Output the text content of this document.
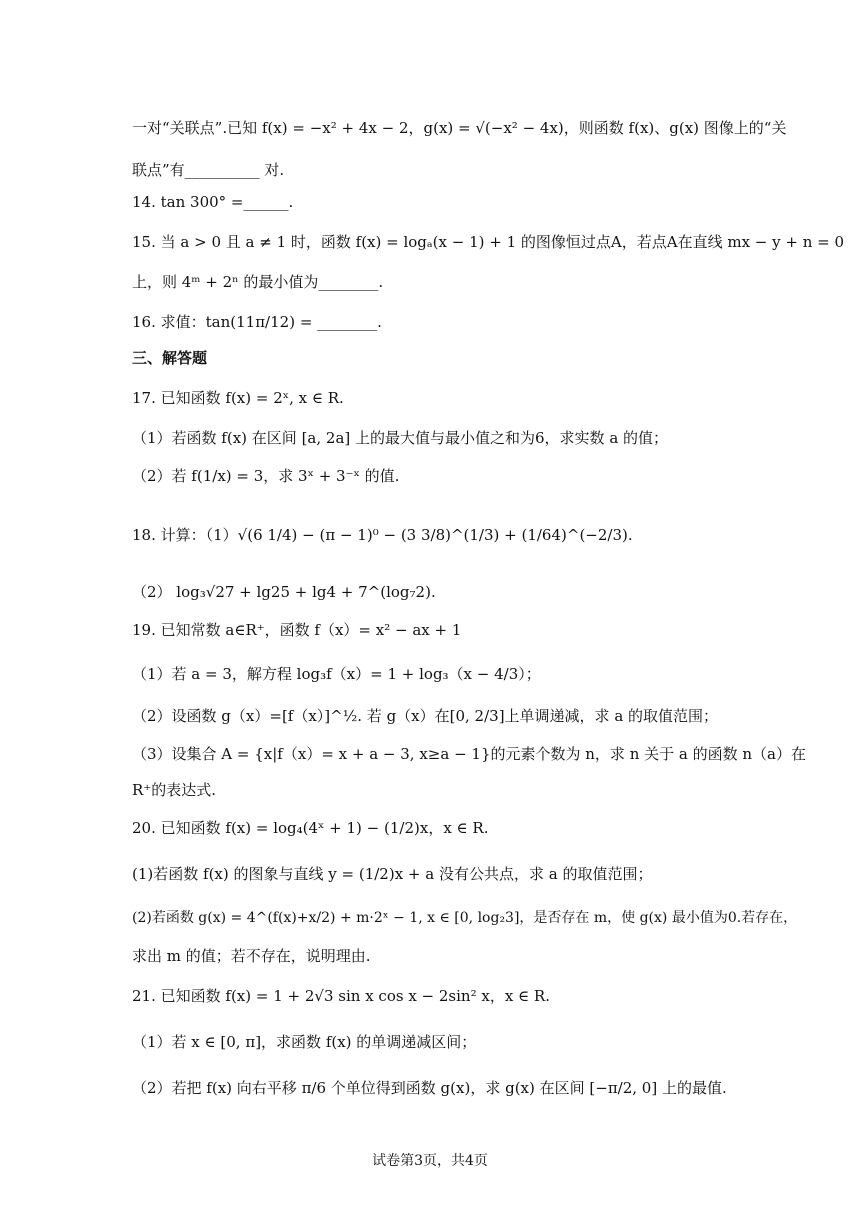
一对“关联点”.已知 f(x) = −x² + 4x − 2，g(x) = √(−x² − 4x)，则函数 f(x)、g(x) 图像上的“关
联点”有__________ 对.
14. tan 300° =______.
15. 当 a > 0 且 a ≠ 1 时，函数 f(x) = logₐ(x − 1) + 1 的图像恒过点A，若点A在直线 mx − y + n = 0
上，则 4ᵐ + 2ⁿ 的最小值为________.
16. 求值：tan(11π/12) = ________.
三、解答题
17. 已知函数 f(x) = 2ˣ, x ∈ R.
（1）若函数 f(x) 在区间 [a, 2a] 上的最大值与最小值之和为6，求实数 a 的值；
（2）若 f(1/x) = 3，求 3ˣ + 3⁻ˣ 的值.
18. 计算：（1）√(6 1/4) − (π − 1)⁰ − (3 3/8)^(1/3) + (1/64)^(−2/3).
（2） log₃√27 + lg25 + lg4 + 7^(log₇2).
19. 已知常数 a∈R⁺，函数 f（x）= x² − ax + 1
（1）若 a = 3，解方程 log₃f（x）= 1 + log₃（x − 4/3）；
（2）设函数 g（x）=[f（x）]^½. 若 g（x）在[0, 2/3]上单调递减，求 a 的取值范围；
（3）设集合 A = {x|f（x）= x + a − 3, x≥a − 1}的元素个数为 n，求 n 关于 a 的函数 n（a）在
R⁺的表达式.
20. 已知函数 f(x) = log₄(4ˣ + 1) − (1/2)x，x ∈ R.
(1)若函数 f(x) 的图象与直线 y = (1/2)x + a 没有公共点，求 a 的取值范围；
(2)若函数 g(x) = 4^(f(x)+x/2) + m·2ˣ − 1, x ∈ [0, log₂3]，是否存在 m，使 g(x) 最小值为0.若存在，
求出 m 的值；若不存在，说明理由.
21. 已知函数 f(x) = 1 + 2√3 sin x cos x − 2sin² x，x ∈ R.
（1）若 x ∈ [0, π]，求函数 f(x) 的单调递减区间；
（2）若把 f(x) 向右平移 π/6 个单位得到函数 g(x)，求 g(x) 在区间 [−π/2, 0] 上的最值.
试卷第3页，共4页
